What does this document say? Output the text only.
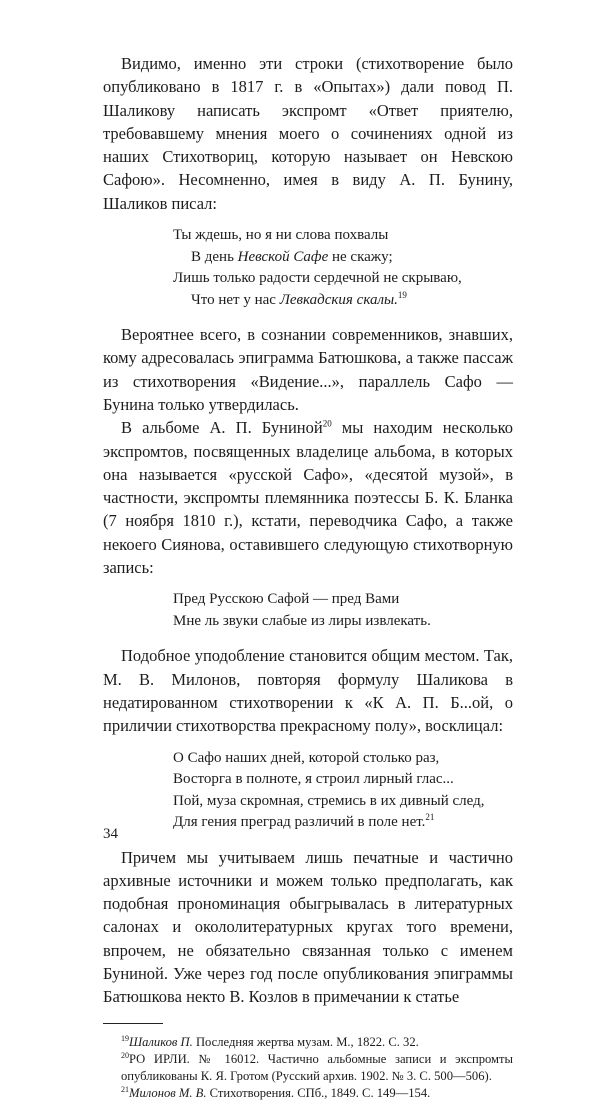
Видимо, именно эти строки (стихотворение было опубликовано в 1817 г. в «Опытах») дали повод П. Шаликову написать экспромт «Ответ приятелю, требовавшему мнения моего о сочинениях одной из наших Стихотвориц, которую называет он Невскою Сафою». Несомненно, имея в виду А. П. Бунину, Шаликов писал:

Ты ждешь, но я ни слова похвалы
В день Невской Сафе не скажу;
Лишь только радости сердечной не скрываю,
Что нет у нас Левкадския скалы.$^{19}$

Вероятнее всего, в сознании современников, знавших, кому адресовалась эпиграмма Батюшкова, а также пассаж из стихотворения «Видение...», параллель Сафо — Бунина только утвердилась.

В альбоме А. П. Буниной$^{20}$ мы находим несколько экспромтов, посвященных владелице альбома, в которых она называется «русской Сафо», «десятой музой», в частности, экспромты племянника поэтессы Б. К. Бланка (7 ноября 1810 г.), кстати, переводчика Сафо, а также некоего Сиянова, оставившего следующую стихотворную запись:

Пред Русскою Сафой — пред Вами
Мне ль звуки слабые из лиры извлекать.

Подобное уподобление становится общим местом. Так, М. В. Милонов, повторяя формулу Шаликова в недатированном стихотворении к «К А. П. Б...ой, о приличии стихотворства прекрасному полу», восклицал:

О Сафо наших дней, которой столько раз,
Восторга в полноте, я строил лирный глас...
Пой, муза скромная, стремись в их дивный след,
Для гения преград различий в поле нет.$^{21}$

Причем мы учитываем лишь печатные и частично архивные источники и можем только предполагать, как подобная прономинация обыгрывалась в литературных салонах и окололитературных кругах того времени, впрочем, не обязательно связанная только с именем Буниной. Уже через год после опубликования эпиграммы Батюшкова некто В. Козлов в примечании к статье

$^{19}$Шаликов П. Последняя жертва музам. М., 1822. С. 32.
$^{20}$РО ИРЛИ. № 16012. Частично альбомные записи и экспромты опубликованы К. Я. Гротом (Русский архив. 1902. № 3. С. 500—506).
$^{21}$Милонов М. В. Стихотворения. СПб., 1849. С. 149—154.
34
